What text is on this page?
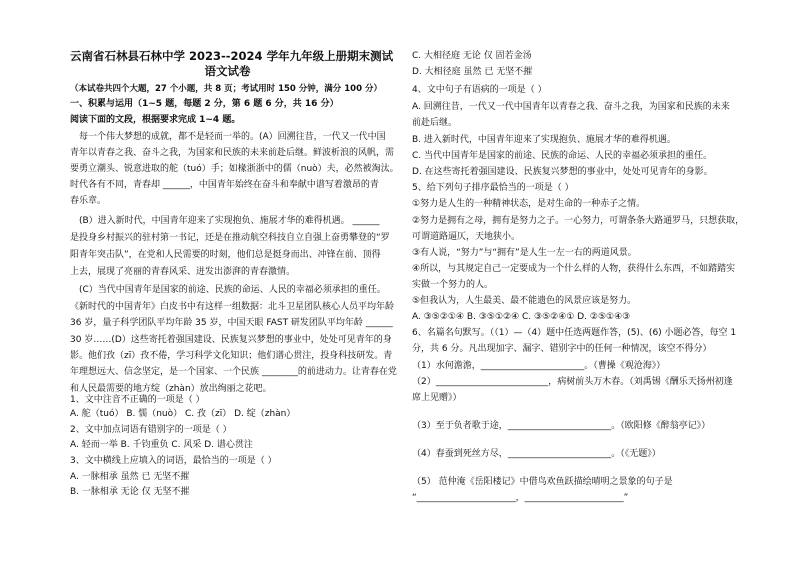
云南省石林县石林中学 2023--2024 学年九年级上册期末测试
语文试卷
（本试卷共四个大题，27 个小题，共 8 页；考试用时 150 分钟，满分 100 分）
一、积累与运用（1~5 题，每题 2 分，第 6 题 6 分，共 16 分）
阅读下面的文段，根据要求完成 1~4 题。
每一个伟大梦想的成就，都不是轻而一举的。(A）回溯往昔，一代又一代中国
青年以青春之我、奋斗之我，为国家和民族的未来前赴后继。鲜波析浪的风帆，需
要勇立潮头、锐意进取的舵（tuó）手；如椽浙浙中的儒（nuò）夫，必然被淘汰。
时代各有不同，青春却 ______，中国青年始终在奋斗和奉献中谱写着激昂的青
春乐章。
(B）进入新时代，中国青年迎来了实现抱负、施展才华的难得机遇。 ______
是投身乡村振兴的驻村第一书记，还是在推动航空科技自立自强上奋勇攀登的“罗
阳青年突击队”，在党和人民需要的时刻，他们总是挺身而出、冲锋在前、顶得
上去，展现了亮丽的青春风采、迸发出澎湃的青春激情。
(C）当代中国青年是国家的前途、民族的命运、人民的幸福必须承担的重任。
《新时代的中国青年》白皮书中有这样一组数据：北斗卫星团队核心人员平均年龄
36 岁，量子科学团队平均年龄 35 岁，中国天眼 FAST 研发团队平均年龄 ______
30 岁……(D）这些寄托着强国建设、民族复兴梦想的事业中，处处可见青年的身
影。他们孜（zī）孜不倦，学习科学文化知识；他们谱心贯注，投身科技研发。青
年理想远大、信念坚定，是一个国家、一个民族 ________的前进动力。让青春在党
和人民最需要的地方绽（zhàn）放出绚丽之花吧。
1、文中注音不正确的一项是（ ）
A. 舵（tuó） B. 懦（nuò） C. 孜（zī） D. 绽（zhàn）
2、文中加点词语有错别字的一项是（ ）
A. 轻而一举 B. 千钧重负 C. 风采 D. 谱心贯注
3、文中横线上应填入的词语，最恰当的一项是（ ）
A. 一脉相承 虽然 已 无坚不摧
B. 一脉相承 无论 仅 无坚不摧
C. 大相径庭 无论 仅 固若金汤
D. 大相径庭 虽然 已 无坚不摧
4、文中句子有语病的一项是（ ）
A. 回溯往昔，一代又一代中国青年以青春之我、奋斗之我，为国家和民族的未来
前赴后继。
B. 进入新时代，中国青年迎来了实现抱负、施展才华的难得机遇。
C. 当代中国青年是国家的前途、民族的命运、人民的幸福必须承担的重任。
D. 在这些寄托着强国建设、民族复兴梦想的事业中，处处可见青年的身影。
5、给下列句子排序最恰当的一项是（ ）
①努力是人生的一种精神状态，是对生命的一种赤子之情。
②努力是拥有之母，拥有是努力之子。一心努力，可谓条条大路通罗马，只想获取，
可谓道路逼仄，天地狭小。
③有人说，“努力”与“拥有”是人生一左一右的两道风景。
④所以，与其规定自己一定要成为一个什么样的人物，获得什么东西，不如踏踏实
实做一个努力的人。
⑤但我认为，人生最美、最不能遗色的风景应该是努力。
A. ③⑤②①④ B. ③⑤①②④ C. ③⑤②④① D. ②⑤①④③
6、名篇名句默写。（（1）—（4）题中任选两题作答，(5)、(6) 小题必答，每空 1
分，共 6 分。凡出现加字、漏字、错别字中的任何一种情况，该空不得分）
（1）水何澹澹，_______________________。（曹操《观沧海》）
（2）_________________________，病树前头万木春。（刘禹锡《酬乐天扬州初逢
席上见赠》）
（3）至于负者歌于途，_______________________。（欧阳修《醉翁亭记》）
（4）春蚕到死丝方尽，_______________________。（《无题》）
（5） 范仲淹《岳阳楼记》中借鸟欢鱼跃描绘晴明之景象的句子是
“______________________，______________________”
